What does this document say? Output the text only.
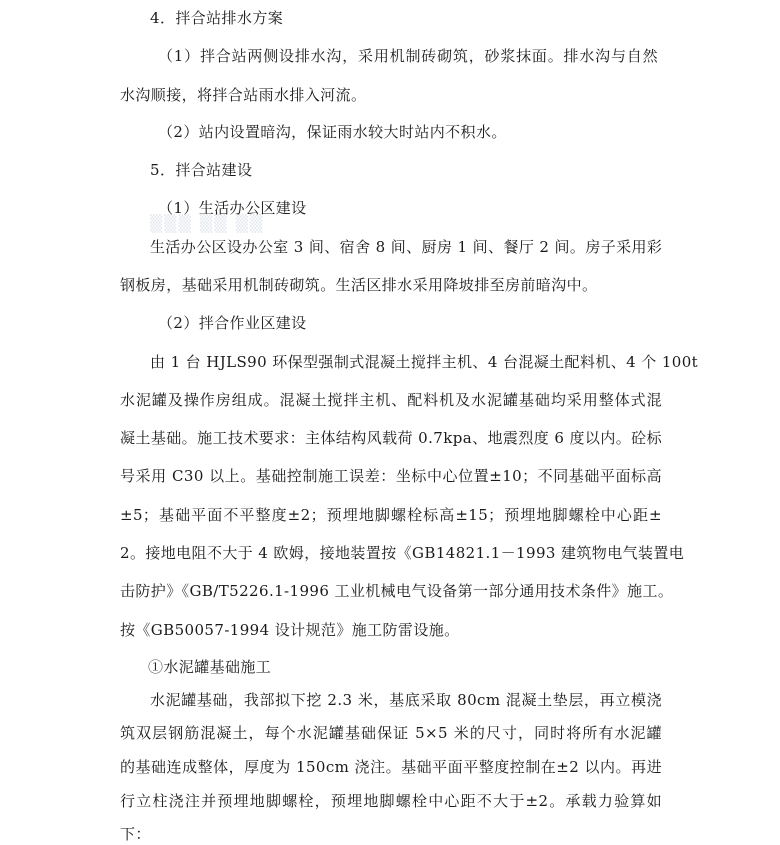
▒▒▒ ▒▒ ▒▒
4．拌合站排水方案
（1）拌合站两侧设排水沟，采用机制砖砌筑，砂浆抹面。排水沟与自然
水沟顺接，将拌合站雨水排入河流。
（2）站内设置暗沟，保证雨水较大时站内不积水。
5．拌合站建设
（1）生活办公区建设
生活办公区设办公室 3 间、宿舍 8 间、厨房 1 间、餐厅 2 间。房子采用彩
钢板房，基础采用机制砖砌筑。生活区排水采用降坡排至房前暗沟中。
（2）拌合作业区建设
由 1 台 HJLS90 环保型强制式混凝土搅拌主机、4 台混凝土配料机、4 个 100t
水泥罐及操作房组成。混凝土搅拌主机、配料机及水泥罐基础均采用整体式混
凝土基础。施工技术要求：主体结构风载荷 0.7kpa、地震烈度 6 度以内。砼标
号采用 C30 以上。基础控制施工误差：坐标中心位置±10；不同基础平面标高
±5；基础平面不平整度±2；预埋地脚螺栓标高±15；预埋地脚螺栓中心距±
2。接地电阻不大于 4 欧姆，接地装置按《GB14821.1－1993 建筑物电气装置电
击防护》《GB/T5226.1-1996 工业机械电气设备第一部分通用技术条件》施工。
按《GB50057-1994 设计规范》施工防雷设施。
①水泥罐基础施工
水泥罐基础，我部拟下挖 2.3 米，基底采取 80cm 混凝土垫层，再立模浇
筑双层钢筋混凝土，每个水泥罐基础保证 5×5 米的尺寸，同时将所有水泥罐
的基础连成整体，厚度为 150cm 浇注。基础平面平整度控制在±2 以内。再进
行立柱浇注并预埋地脚螺栓，预埋地脚螺栓中心距不大于±2。承载力验算如
下：
